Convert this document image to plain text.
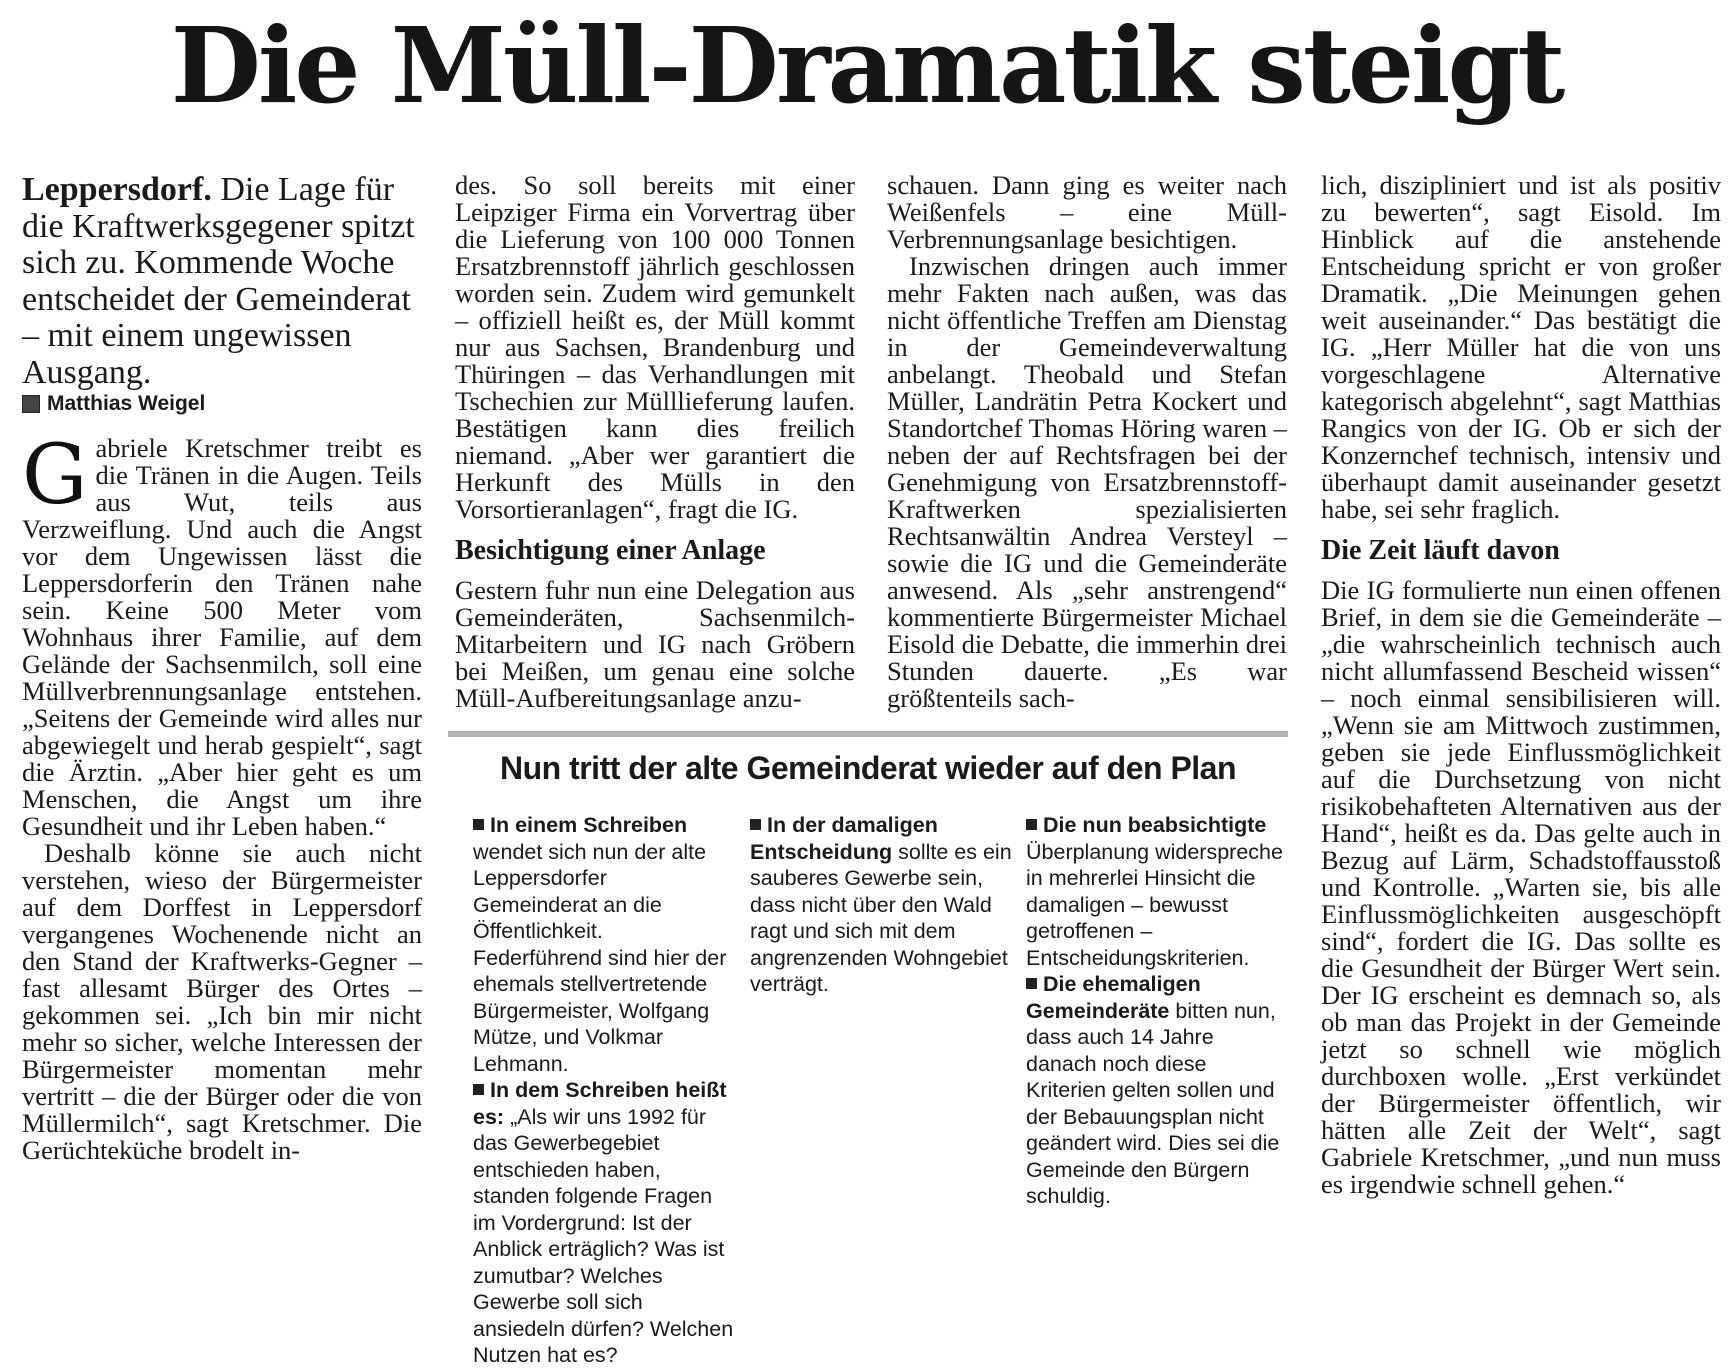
Die Müll-Dramatik steigt

Leppersdorf. Die Lage für die Kraftwerksgegener spitzt sich zu. Kommende Woche entscheidet der Gemeinderat – mit einem ungewissen Ausgang.

Matthias Weigel

Gabriele Kretschmer treibt es die Tränen in die Augen. Teils aus Wut, teils aus Verzweiflung. Und auch die Angst vor dem Ungewissen lässt die Leppersdorferin den Tränen nahe sein. Keine 500 Meter vom Wohnhaus ihrer Familie, auf dem Gelände der Sachsenmilch, soll eine Müllverbrennungsanlage entstehen. „Seitens der Gemeinde wird alles nur abgewiegelt und herab gespielt“, sagt die Ärztin. „Aber hier geht es um Menschen, die Angst um ihre Gesundheit und ihr Leben haben.“

Deshalb könne sie auch nicht verstehen, wieso der Bürgermeister auf dem Dorffest in Leppersdorf vergangenes Wochenende nicht an den Stand der Kraftwerks-Gegner – fast allesamt Bürger des Ortes – gekommen sei. „Ich bin mir nicht mehr so sicher, welche Interessen der Bürgermeister momentan mehr vertritt – die der Bürger oder die von Müllermilch“, sagt Kretschmer. Die Gerüchteküche brodelt in-

des. So soll bereits mit einer Leipziger Firma ein Vorvertrag über die Lieferung von 100 000 Tonnen Ersatzbrennstoff jährlich geschlossen worden sein. Zudem wird gemunkelt – offiziell heißt es, der Müll kommt nur aus Sachsen, Brandenburg und Thüringen – das Verhandlungen mit Tschechien zur Mülllieferung laufen. Bestätigen kann dies freilich niemand. „Aber wer garantiert die Herkunft des Mülls in den Vorsortieranlagen“, fragt die IG.

Besichtigung einer Anlage

Gestern fuhr nun eine Delegation aus Gemeinderäten, Sachsenmilch-Mitarbeitern und IG nach Gröbern bei Meißen, um genau eine solche Müll-Aufbereitungsanlage anzu-

schauen. Dann ging es weiter nach Weißenfels – eine Müll-Verbrennungsanlage besichtigen.

Inzwischen dringen auch immer mehr Fakten nach außen, was das nicht öffentliche Treffen am Dienstag in der Gemeindeverwaltung anbelangt. Theobald und Stefan Müller, Landrätin Petra Kockert und Standortchef Thomas Höring waren – neben der auf Rechtsfragen bei der Genehmigung von Ersatzbrennstoff-Kraftwerken spezialisierten Rechtsanwältin Andrea Versteyl – sowie die IG und die Gemeinderäte anwesend. Als „sehr anstrengend“ kommentierte Bürgermeister Michael Eisold die Debatte, die immerhin drei Stunden dauerte. „Es war größtenteils sach-

lich, diszipliniert und ist als positiv zu bewerten“, sagt Eisold. Im Hinblick auf die anstehende Entscheidung spricht er von großer Dramatik. „Die Meinungen gehen weit auseinander.“ Das bestätigt die IG. „Herr Müller hat die von uns vorgeschlagene Alternative kategorisch abgelehnt“, sagt Matthias Rangics von der IG. Ob er sich der Konzernchef technisch, intensiv und überhaupt damit auseinander gesetzt habe, sei sehr fraglich.

Die Zeit läuft davon

Die IG formulierte nun einen offenen Brief, in dem sie die Gemeinderäte – „die wahrscheinlich technisch auch nicht allumfassend Bescheid wissen“ – noch einmal sensibilisieren will. „Wenn sie am Mittwoch zustimmen, geben sie jede Einflussmöglichkeit auf die Durchsetzung von nicht risikobehafteten Alternativen aus der Hand“, heißt es da. Das gelte auch in Bezug auf Lärm, Schadstoffausstoß und Kontrolle. „Warten sie, bis alle Einflussmöglichkeiten ausgeschöpft sind“, fordert die IG. Das sollte es die Gesundheit der Bürger Wert sein. Der IG erscheint es demnach so, als ob man das Projekt in der Gemeinde jetzt so schnell wie möglich durchboxen wolle. „Erst verkündet der Bürgermeister öffentlich, wir hätten alle Zeit der Welt“, sagt Gabriele Kretschmer, „und nun muss es irgendwie schnell gehen.“

Nun tritt der alte Gemeinderat wieder auf den Plan

In einem Schreiben wendet sich nun der alte Leppersdorfer Gemeinderat an die Öffentlichkeit. Federführend sind hier der ehemals stellvertretende Bürgermeister, Wolfgang Mütze, und Volkmar Lehmann.

In dem Schreiben heißt es: „Als wir uns 1992 für das Gewerbegebiet entschieden haben, standen folgende Fragen im Vordergrund: Ist der Anblick erträglich? Was ist zumutbar? Welches Gewerbe soll sich ansiedeln dürfen? Welchen Nutzen hat es?

In der damaligen Entscheidung sollte es ein sauberes Gewerbe sein, dass nicht über den Wald ragt und sich mit dem angrenzenden Wohngebiet verträgt.

Die nun beabsichtigte Überplanung widerspreche in mehrerlei Hinsicht die damaligen – bewusst getroffenen – Entscheidungskriterien.

Die ehemaligen Gemeinderäte bitten nun, dass auch 14 Jahre danach noch diese Kriterien gelten sollen und der Bebauungsplan nicht geändert wird. Dies sei die Gemeinde den Bürgern schuldig.
